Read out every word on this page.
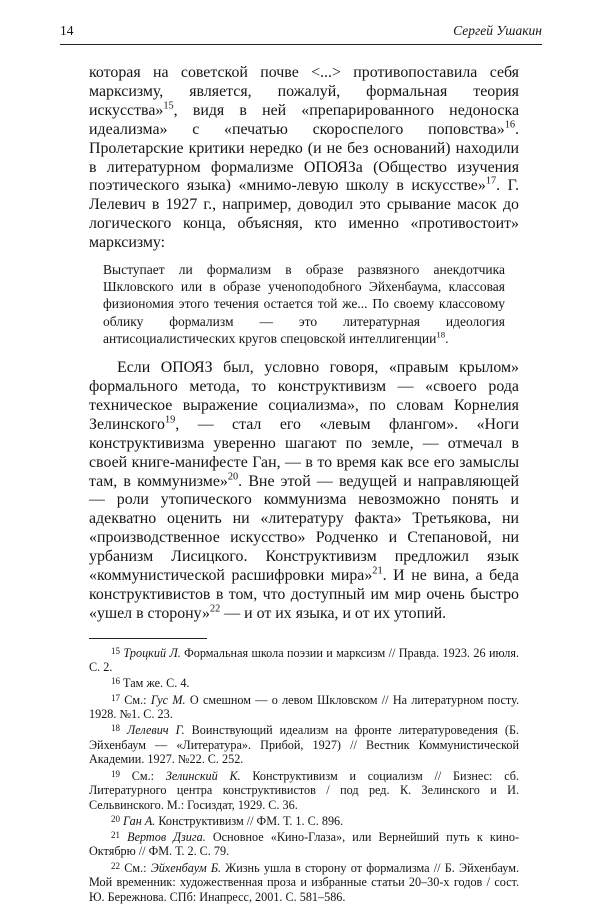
14	Сергей Ушакин

которая на советской почве <...> противопоставила себя марксизму, является, пожалуй, формальная теория искусства»$^{15}$, видя в ней «препарированного недоноска идеализма» с «печатью скороспелого поповства»$^{16}$. Пролетарские критики нередко (и не без оснований) находили в литературном формализме ОПОЯЗа (Общество изучения поэтического языка) «мнимо-левую школу в искусстве»$^{17}$. Г. Лелевич в 1927 г., например, доводил это срывание масок до логического конца, объясняя, кто именно «противостоит» марксизму:

Выступает ли формализм в образе развязного анекдотчика Шкловского или в образе ученоподобного Эйхенбаума, классовая физиономия этого течения остается той же... По своему классовому облику формализм — это литературная идеология антисоциалистических кругов спецовской интеллигенции$^{18}$.

Если ОПОЯЗ был, условно говоря, «правым крылом» формального метода, то конструктивизм — «своего рода техническое выражение социализма», по словам Корнелия Зелинского$^{19}$, — стал его «левым флангом». «Ноги конструктивизма уверенно шагают по земле, — отмечал в своей книге-манифесте Ган, — в то время как все его замыслы там, в коммунизме»$^{20}$. Вне этой — ведущей и направляющей — роли утопического коммунизма невозможно понять и адекватно оценить ни «литературу факта» Третьякова, ни «производственное искусство» Родченко и Степановой, ни урбанизм Лисицкого. Конструктивизм предложил язык «коммунистической расшифровки мира»$^{21}$. И не вина, а беда конструктивистов в том, что доступный им мир очень быстро «ушел в сторону»$^{22}$ — и от их языка, и от их утопий.

$^{15}$ Троцкий Л. Формальная школа поэзии и марксизм // Правда. 1923. 26 июля. С. 2.

$^{16}$ Там же. С. 4.

$^{17}$ См.: Гус М. О смешном — о левом Шкловском // На литературном посту. 1928. №1. С. 23.

$^{18}$ Лелевич Г. Воинствующий идеализм на фронте литературоведения (Б. Эйхенбаум — «Литература». Прибой, 1927) // Вестник Коммунистической Академии. 1927. №22. С. 252.

$^{19}$ См.: Зелинский К. Конструктивизм и социализм // Бизнес: сб. Литературного центра конструктивистов / под ред. К. Зелинского и И. Сельвинского. М.: Госиздат, 1929. С. 36.

$^{20}$ Ган А. Конструктивизм // ФМ. Т. 1. С. 896.

$^{21}$ Вертов Дзига. Основное «Кино-Глаза», или Вернейший путь к кино-Октябрю // ФМ. Т. 2. С. 79.

$^{22}$ См.: Эйхенбаум Б. Жизнь ушла в сторону от формализма // Б. Эйхенбаум. Мой временник: художественная проза и избранные статьи 20–30-х годов / сост. Ю. Бережнова. СПб: Инапресс, 2001. С. 581–586.
